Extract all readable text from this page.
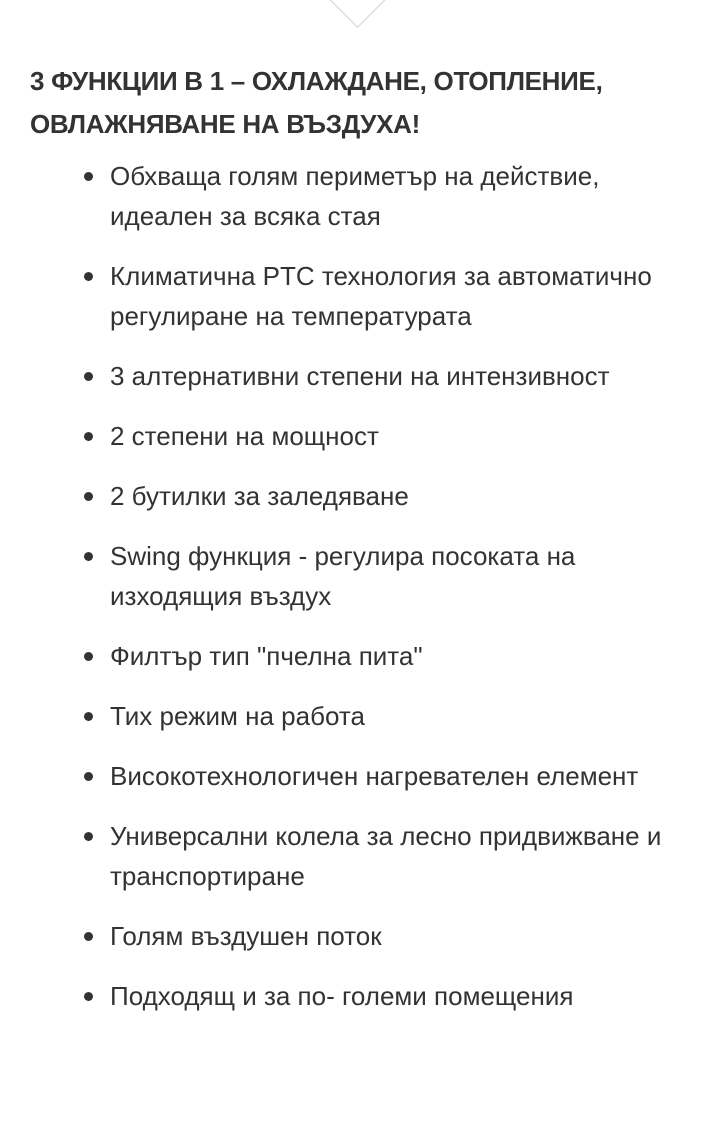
3 ФУНКЦИИ В 1 – ОХЛАЖДАНЕ, ОТОПЛЕНИЕ,
ОВЛАЖНЯВАНЕ НА ВЪЗДУХА!
Обхваща голям периметър на действие, идеален за всяка стая
Климатична PTC технология за автоматично регулиране на температурата
3 алтернативни степени на интензивност
2 степени на мощност
2 бутилки за заледяване
Swing функция - регулира посоката на изходящия въздух
Филтър тип "пчелна пита"
Тих режим на работа
Високотехнологичен нагревателен елемент
Универсални колела за лесно придвижване и транспортиране
Голям въздушен поток
Подходящ и за по- големи помещения
